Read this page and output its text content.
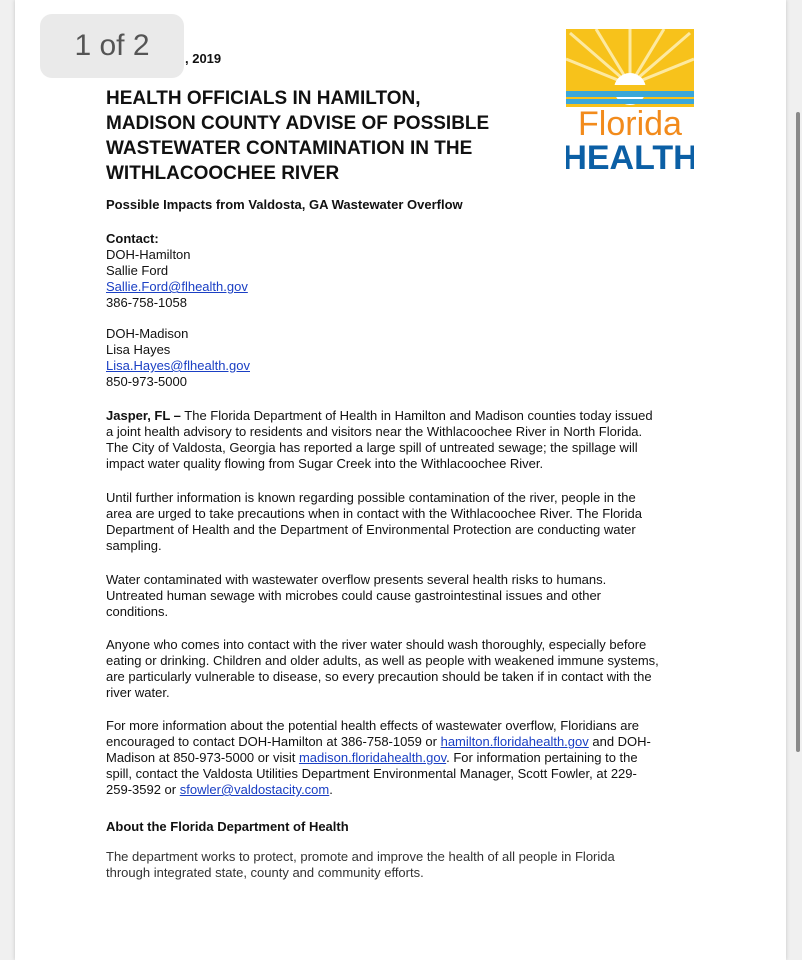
1 of 2	, 2019
HEALTH OFFICIALS IN HAMILTON,
MADISON COUNTY ADVISE OF POSSIBLE
WASTEWATER CONTAMINATION IN THE
WITHLACOOCHEE RIVER
Florida
HEALTH

Possible Impacts from Valdosta, GA Wastewater Overflow

Contact:
DOH-Hamilton
Sallie Ford
Sallie.Ford@flhealth.gov
386-758-1058
DOH-Madison
Lisa Hayes
Lisa.Hayes@flhealth.gov
850-973-5000
Jasper, FL – The Florida Department of Health in Hamilton and Madison counties today issued
a joint health advisory to residents and visitors near the Withlacoochee River in North Florida.
The City of Valdosta, Georgia has reported a large spill of untreated sewage; the spillage will
impact water quality flowing from Sugar Creek into the Withlacoochee River.
Until further information is known regarding possible contamination of the river, people in the
area are urged to take precautions when in contact with the Withlacoochee River. The Florida
Department of Health and the Department of Environmental Protection are conducting water
sampling.
Water contaminated with wastewater overflow presents several health risks to humans.
Untreated human sewage with microbes could cause gastrointestinal issues and other
conditions.
Anyone who comes into contact with the river water should wash thoroughly, especially before
eating or drinking. Children and older adults, as well as people with weakened immune systems,
are particularly vulnerable to disease, so every precaution should be taken if in contact with the
river water.
For more information about the potential health effects of wastewater overflow, Floridians are
encouraged to contact DOH-Hamilton at 386-758-1059 or hamilton.floridahealth.gov and DOH-
Madison at 850-973-5000 or visit madison.floridahealth.gov. For information pertaining to the
spill, contact the Valdosta Utilities Department Environmental Manager, Scott Fowler, at 229-
259-3592 or sfowler@valdostacity.com.

About the Florida Department of Health

The department works to protect, promote and improve the health of all people in Florida
through integrated state, county and community efforts.
